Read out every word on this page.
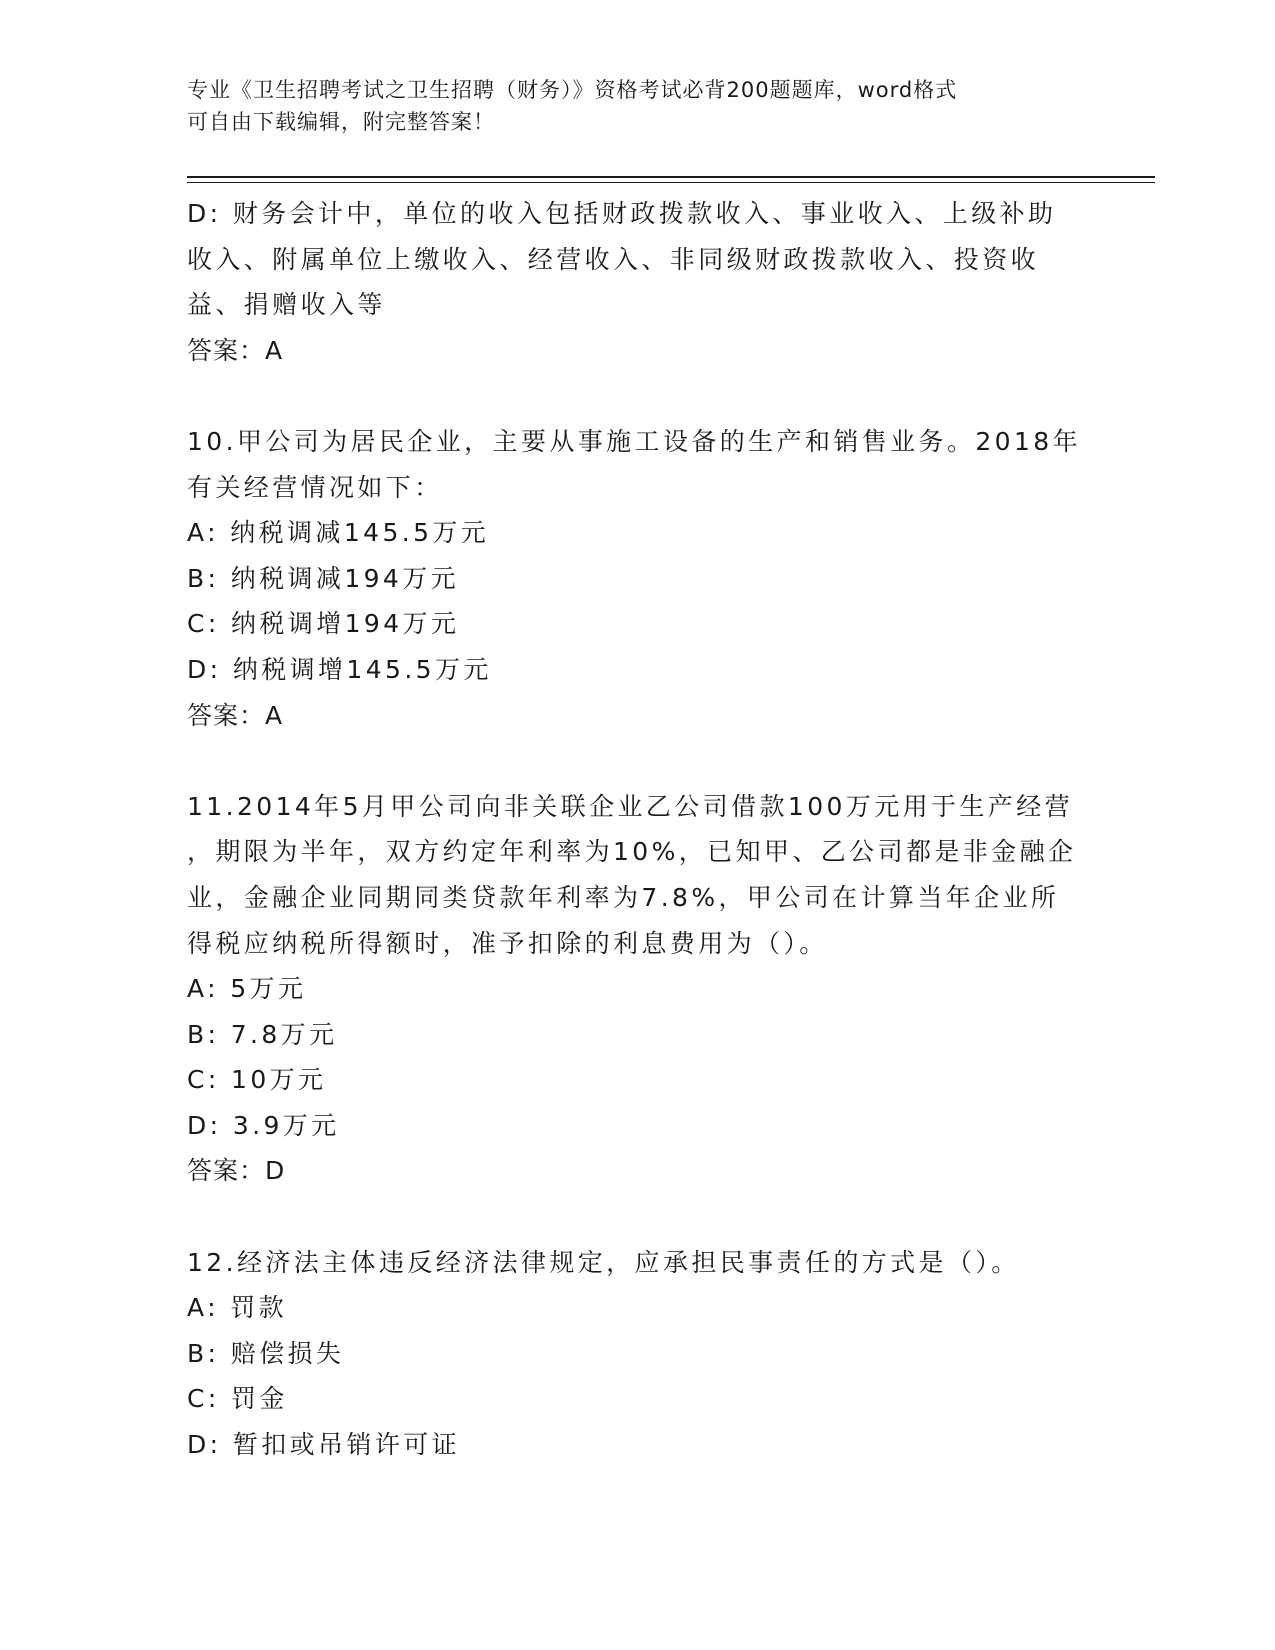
专业《卫生招聘考试之卫生招聘（财务）》资格考试必背200题题库，word格式
可自由下载编辑，附完整答案！

D: 财务会计中，单位的收入包括财政拨款收入、事业收入、上级补助

收入、附属单位上缴收入、经营收入、非同级财政拨款收入、投资收

益、捐赠收入等

答案：A

10.甲公司为居民企业，主要从事施工设备的生产和销售业务。2018年

有关经营情况如下：

A: 纳税调减145.5万元

B: 纳税调减194万元

C: 纳税调增194万元

D: 纳税调增145.5万元

答案：A

11.2014年5月甲公司向非关联企业乙公司借款100万元用于生产经营

，期限为半年，双方约定年利率为10%，已知甲、乙公司都是非金融企

业，金融企业同期同类贷款年利率为7.8%，甲公司在计算当年企业所

得税应纳税所得额时，准予扣除的利息费用为（）。

A: 5万元

B: 7.8万元

C: 10万元

D: 3.9万元

答案：D

12.经济法主体违反经济法律规定，应承担民事责任的方式是（）。

A: 罚款

B: 赔偿损失

C: 罚金

D: 暂扣或吊销许可证
